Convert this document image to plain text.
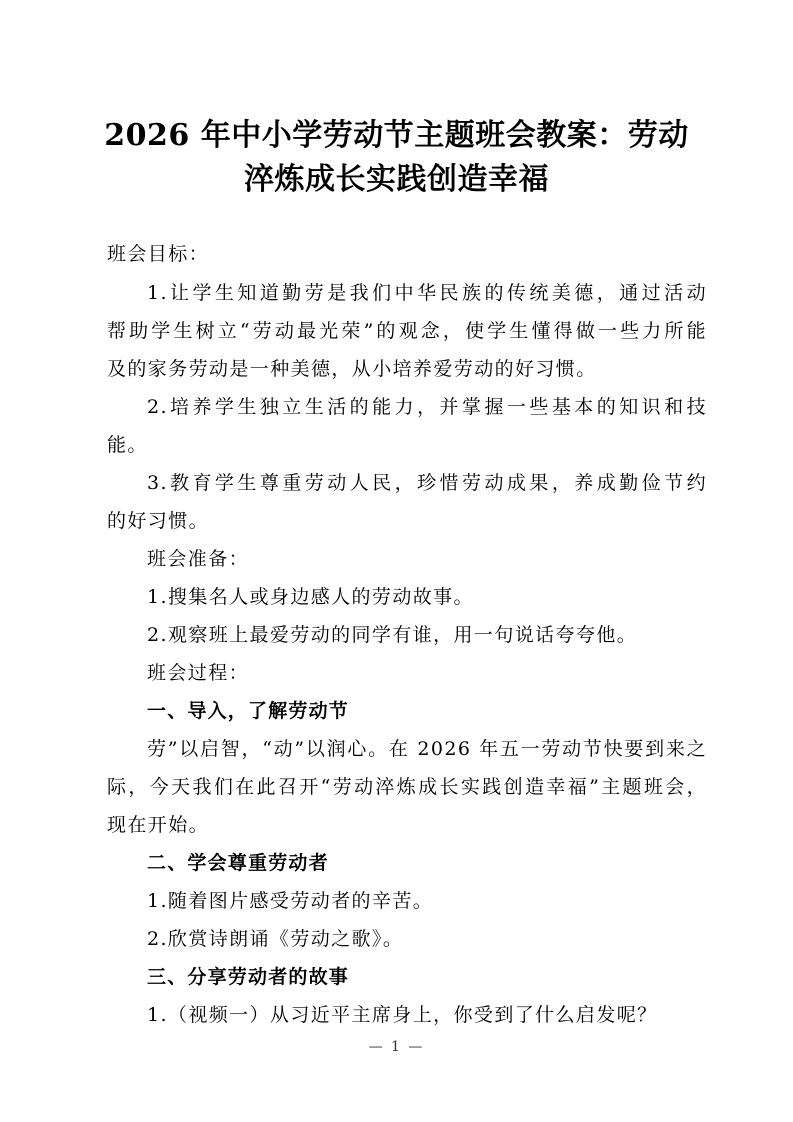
2026 年中小学劳动节主题班会教案：劳动
淬炼成长实践创造幸福
班会目标：
1.让学生知道勤劳是我们中华民族的传统美德，通过活动
帮助学生树立“劳动最光荣”的观念，使学生懂得做一些力所能
及的家务劳动是一种美德，从小培养爱劳动的好习惯。
2.培养学生独立生活的能力，并掌握一些基本的知识和技
能。
3.教育学生尊重劳动人民，珍惜劳动成果，养成勤俭节约
的好习惯。
班会准备：
1.搜集名人或身边感人的劳动故事。
2.观察班上最爱劳动的同学有谁，用一句说话夸夸他。
班会过程：
一、导入，了解劳动节
劳”以启智，“动”以润心。在 2026 年五一劳动节快要到来之
际，今天我们在此召开“劳动淬炼成长实践创造幸福”主题班会，
现在开始。
二、学会尊重劳动者
1.随着图片感受劳动者的辛苦。
2.欣赏诗朗诵《劳动之歌》。
三、分享劳动者的故事
1.（视频一）从习近平主席身上，你受到了什么启发呢？
— 1 —
